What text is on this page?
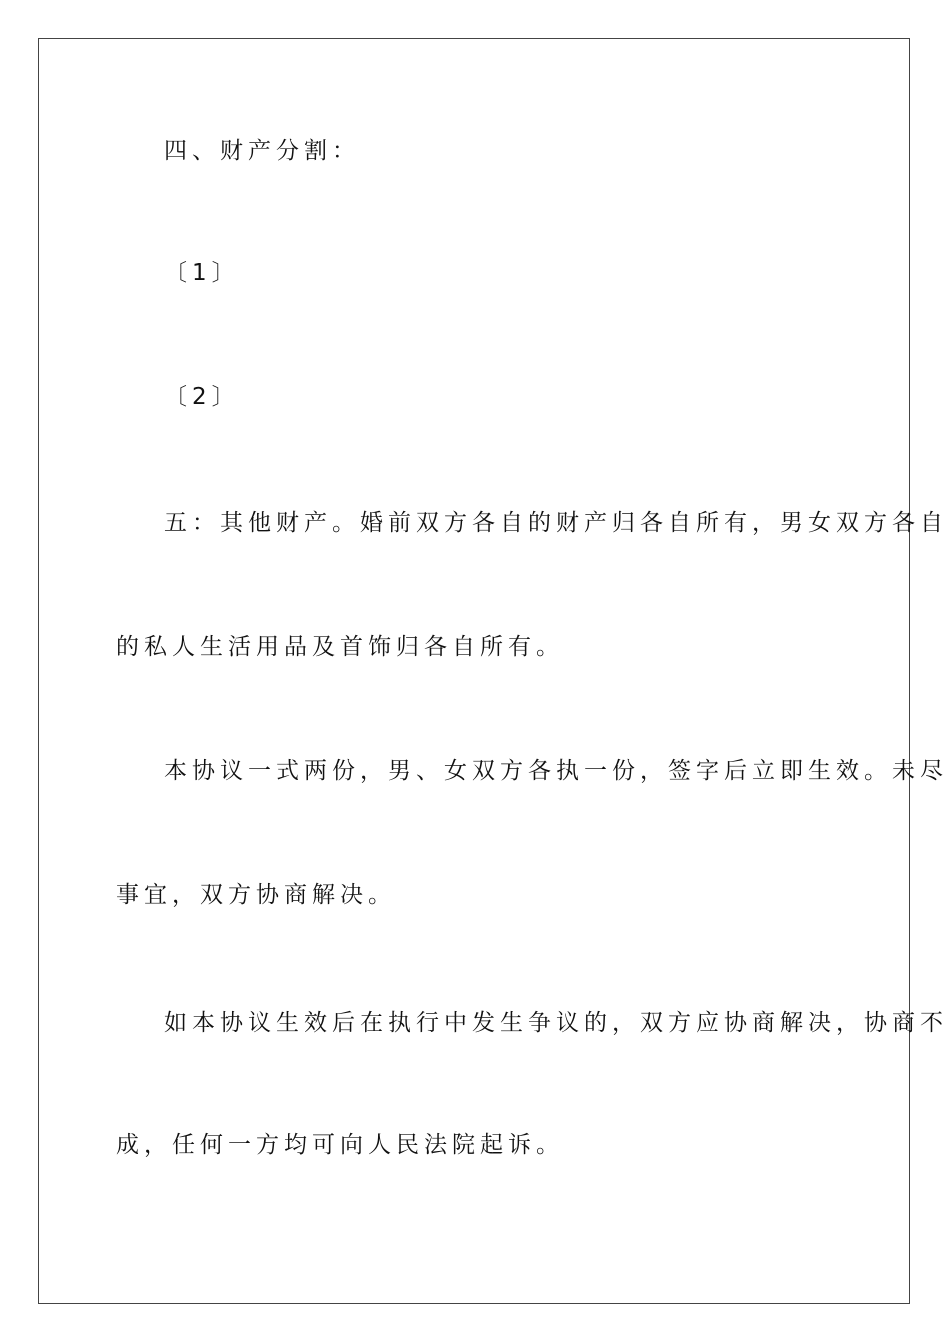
四、财产分割：
〔1〕
〔2〕
五：其他财产。婚前双方各自的财产归各自所有，男女双方各自
的私人生活用品及首饰归各自所有。
本协议一式两份，男、女双方各执一份，签字后立即生效。未尽
事宜，双方协商解决。
如本协议生效后在执行中发生争议的，双方应协商解决，协商不
成，任何一方均可向人民法院起诉。
